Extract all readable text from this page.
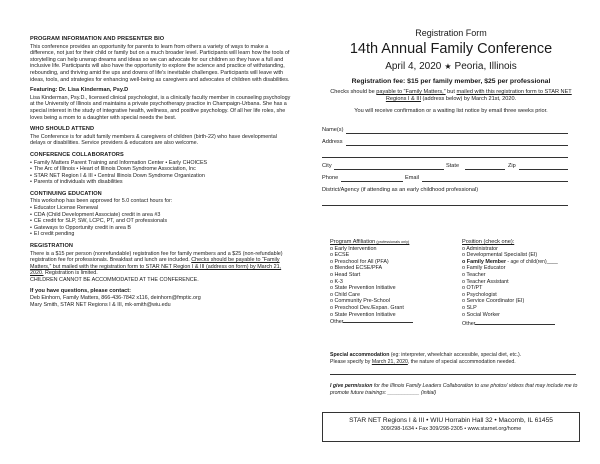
PROGRAM INFORMATION AND PRESENTER BIO

This conference provides an opportunity for parents to learn from others a variety of ways to make a difference, not just for their child or family but on a much broader level. Participants will learn how the tools of storytelling can help unwrap dreams and ideas so we can advocate for our children so they have a full and inclusive life. Participants will also have the opportunity to explore the science and practice of withstanding, rebounding, and thriving amid the ups and downs of life's inevitable challenges. Participants will leave with ideas, tools, and strategies for enhancing well-being as caregivers and advocates of children with disabilities.

Featuring: Dr. Lisa Kinderman, Psy.D

Lisa Kinderman, Psy.D., licensed clinical psychologist, is a clinically faculty member in counseling psychology at the University of Illinois and maintains a private psychotherapy practice in Champaign-Urbana. She has a special interest in the study of integrative health, wellness, and positive psychology. Of all her life roles, she loves being a mom to a daughter with special needs the best.

WHO SHOULD ATTEND

The Conference is for adult family members & caregivers of children (birth-22) who have developmental delays or disabilities. Service providers & educators are also welcome.

CONFERENCE COLLABORATORS
• Family Matters Parent Training and Information Center • Early CHOICES
• The Arc of Illinois • Heart of Illinois Down Syndrome Association, Inc
• STAR NET Region I & III • Central Illinois Down Syndrome Organization
• Parents of individuals with disabilities
CONTINUING EDUCATION

This workshop has been approved for 5.0 contact hours for:

• Educator License Renewal
• CDA (Child Development Associate) credit in area #3
• CE credit for SLP, SW, LCPC, PT, and OT professionals
• Gateways to Opportunity credit in area B
• EI credit pending
REGISTRATION

There is a $15 per person (nonrefundable) registration fee for family members and a $25 (non-refundable) registration fee for professionals. Breakfast and lunch are included. Checks should be payable to “Family Matters,” but mailed with the registration form to STAR NET Region I & III (address on form) by March 21, 2020. Registration is limited.

CHILDREN CANNOT BE ACCOMMODATED AT THE CONFERENCE.

If you have questions, please contact:

Deb Einhorn, Family Matters, 866-436-7842 x116, deinhorn@fmptic.org

Mary Smith, STAR NET Regions I & III, mk-smith@wiu.edu

Registration Form
14th Annual Family Conference
April 4, 2020 ★ Peoria, Illinois
Registration fee: $15 per family member, $25 per professional
Checks should be payable to “Family Matters,” but mailed with this registration form to STAR NET Regions I & III (address below) by March 21st, 2020.
You will receive confirmation or a waiting list notice by email three weeks prior.
Name(s)
Address
City	State	Zip
Phone	Email
District/Agency (if attending as an early childhood professional)
Program Affiliation (professionals only)
o Early Intervention
o ECSE
o Preschool for All (PFA)
o Blended ECSE/PFA
o Head Start
o K-3
o State Prevention Initiative
o Child Care
o Community Pre-School
o Preschool Dev./Expan. Grant
o State Prevention Initiative
Other
Position (check one):
o Administrator
o Developmental Specialist (EI)
o Family Member - age of child(ren)____
o Family Educator
o Teacher
o Teacher Assistant
o OT/PT
o Psychologist
o Service Coordinator (EI)
o SLP
o Social Worker
Other
Special accommodation (eg: interpreter, wheelchair accessible, special diet, etc.).
Please specify by March 21, 2020, the nature of special accommodation needed.
I give permission for the Illinois Family Leaders Collaboration to use photos/ videos that may include me to promote future trainings: ___________ (initial)
STAR NET Regions I & III • WIU Horrabin Hall 32 • Macomb, IL 61455
309/298-1634 • Fax 309/298-2305 • www.starnet.org/home
